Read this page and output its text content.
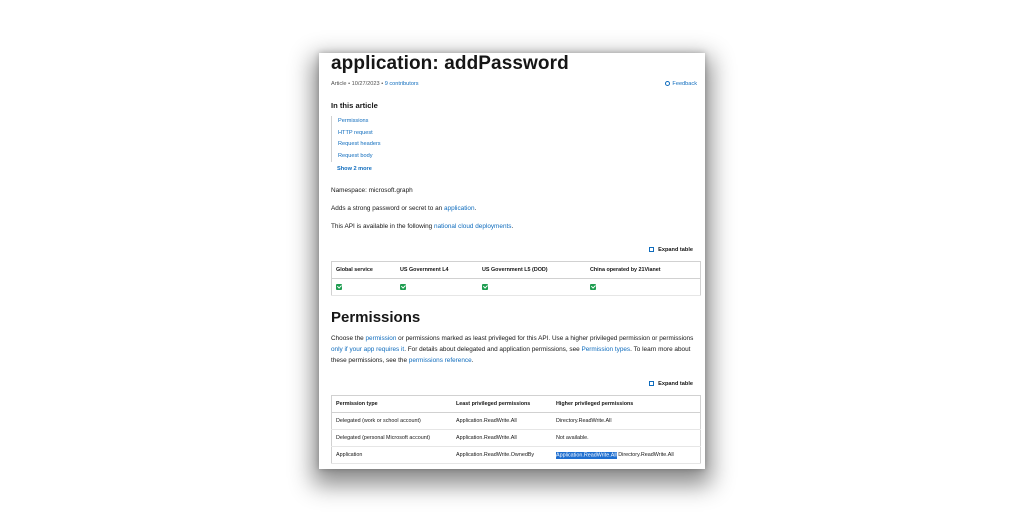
application: addPassword
Article • 10/27/2023 • 9 contributors	Feedback
In this article
Permissions
HTTP request
Request headers
Request body
Show 2 more
Namespace: microsoft.graph
Adds a strong password or secret to an application.
This API is available in the following national cloud deployments.
Expand table
Global service	US Government L4	US Government L5 (DOD)	China operated by 21Vianet

Permissions
Choose the permission or permissions marked as least privileged for this API. Use a higher privileged permission or permissions only if your app requires it. For details about delegated and application permissions, see Permission types. To learn more about these permissions, see the permissions reference.
Expand table
Permission type	Least privileged permissions	Higher privileged permissions
Delegated (work or school account)	Application.ReadWrite.All	Directory.ReadWrite.All
Delegated (personal Microsoft account)	Application.ReadWrite.All	Not available.
Application	Application.ReadWrite.OwnedBy	Application.ReadWrite.All Directory.ReadWrite.All
